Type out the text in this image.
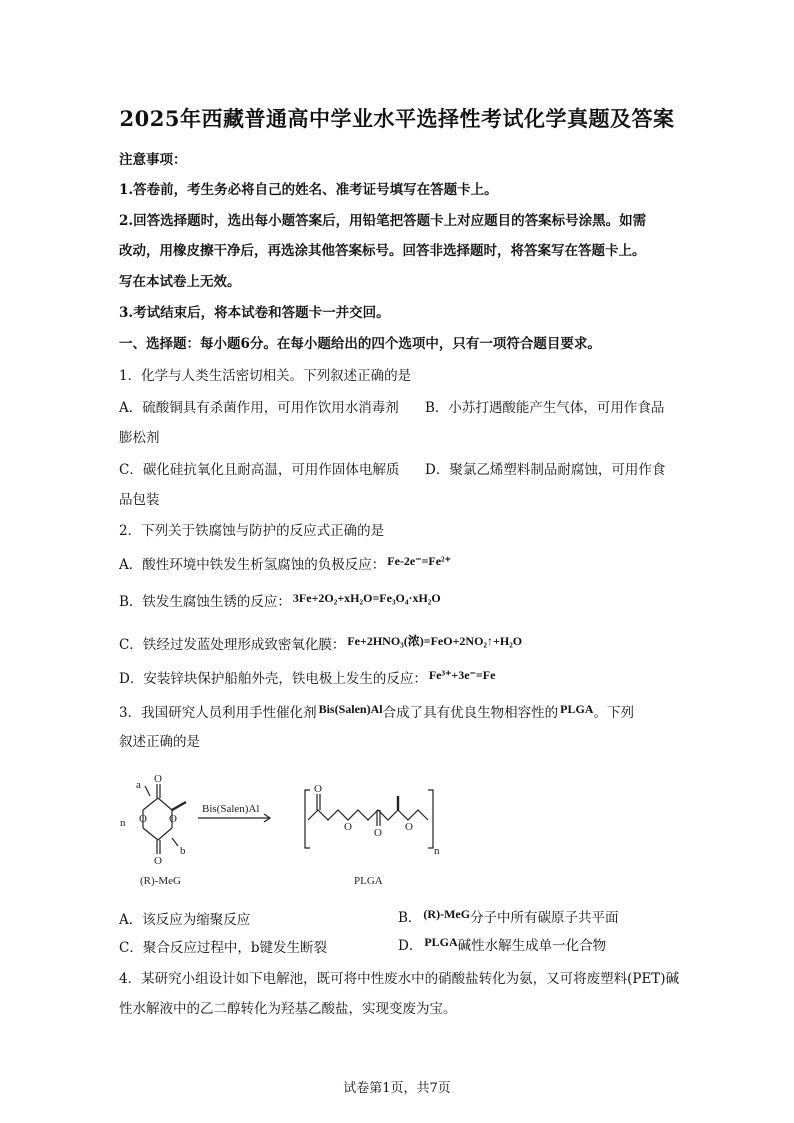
2025年西藏普通高中学业水平选择性考试化学真题及答案
注意事项：
1.答卷前，考生务必将自己的姓名、准考证号填写在答题卡上。
2.回答选择题时，选出每小题答案后，用铅笔把答题卡上对应题目的答案标号涂黑。如需
改动，用橡皮擦干净后，再选涂其他答案标号。回答非选择题时，将答案写在答题卡上。
写在本试卷上无效。
3.考试结束后，将本试卷和答题卡一并交回。
一、选择题：每小题6分。在每小题给出的四个选项中，只有一项符合题目要求。
1．化学与人类生活密切相关。下列叙述正确的是
A．硫酸铜具有杀菌作用，可用作饮用水消毒剂 B．小苏打遇酸能产生气体，可用作食品
膨松剂
C．碳化硅抗氧化且耐高温，可用作固体电解质 D．聚氯乙烯塑料制品耐腐蚀，可用作食
品包装
2．下列关于铁腐蚀与防护的反应式正确的是
A．酸性环境中铁发生析氢腐蚀的负极反应： Fe-2e⁻=Fe²⁺
B．铁发生腐蚀生锈的反应： 3Fe+2O₂+xH₂O=Fe₃O₄·xH₂O
C．铁经过发蓝处理形成致密氧化膜： Fe+2HNO₃(浓)=FeO+2NO₂↑+H₂O
D．安装锌块保护船舶外壳，铁电极上发生的反应： Fe³⁺+3e⁻=Fe
3．我国研究人员利用手性催化剂 Bis(Salen)Al合成了具有优良生物相容性的 PLGA。下列
叙述正确的是
O O
O
O
a
b
n
Bis(Salen)Al
O
O O O
n
(R)-MeG	PLGA
A．该反应为缩聚反应	B． (R)-MeG分子中所有碳原子共平面
C．聚合反应过程中，b键发生断裂	D． PLGA碱性水解生成单一化合物
4．某研究小组设计如下电解池，既可将中性废水中的硝酸盐转化为氨，又可将废塑料(PET)碱
性水解液中的乙二醇转化为羟基乙酸盐，实现变废为宝。
试卷第1页，共7页
